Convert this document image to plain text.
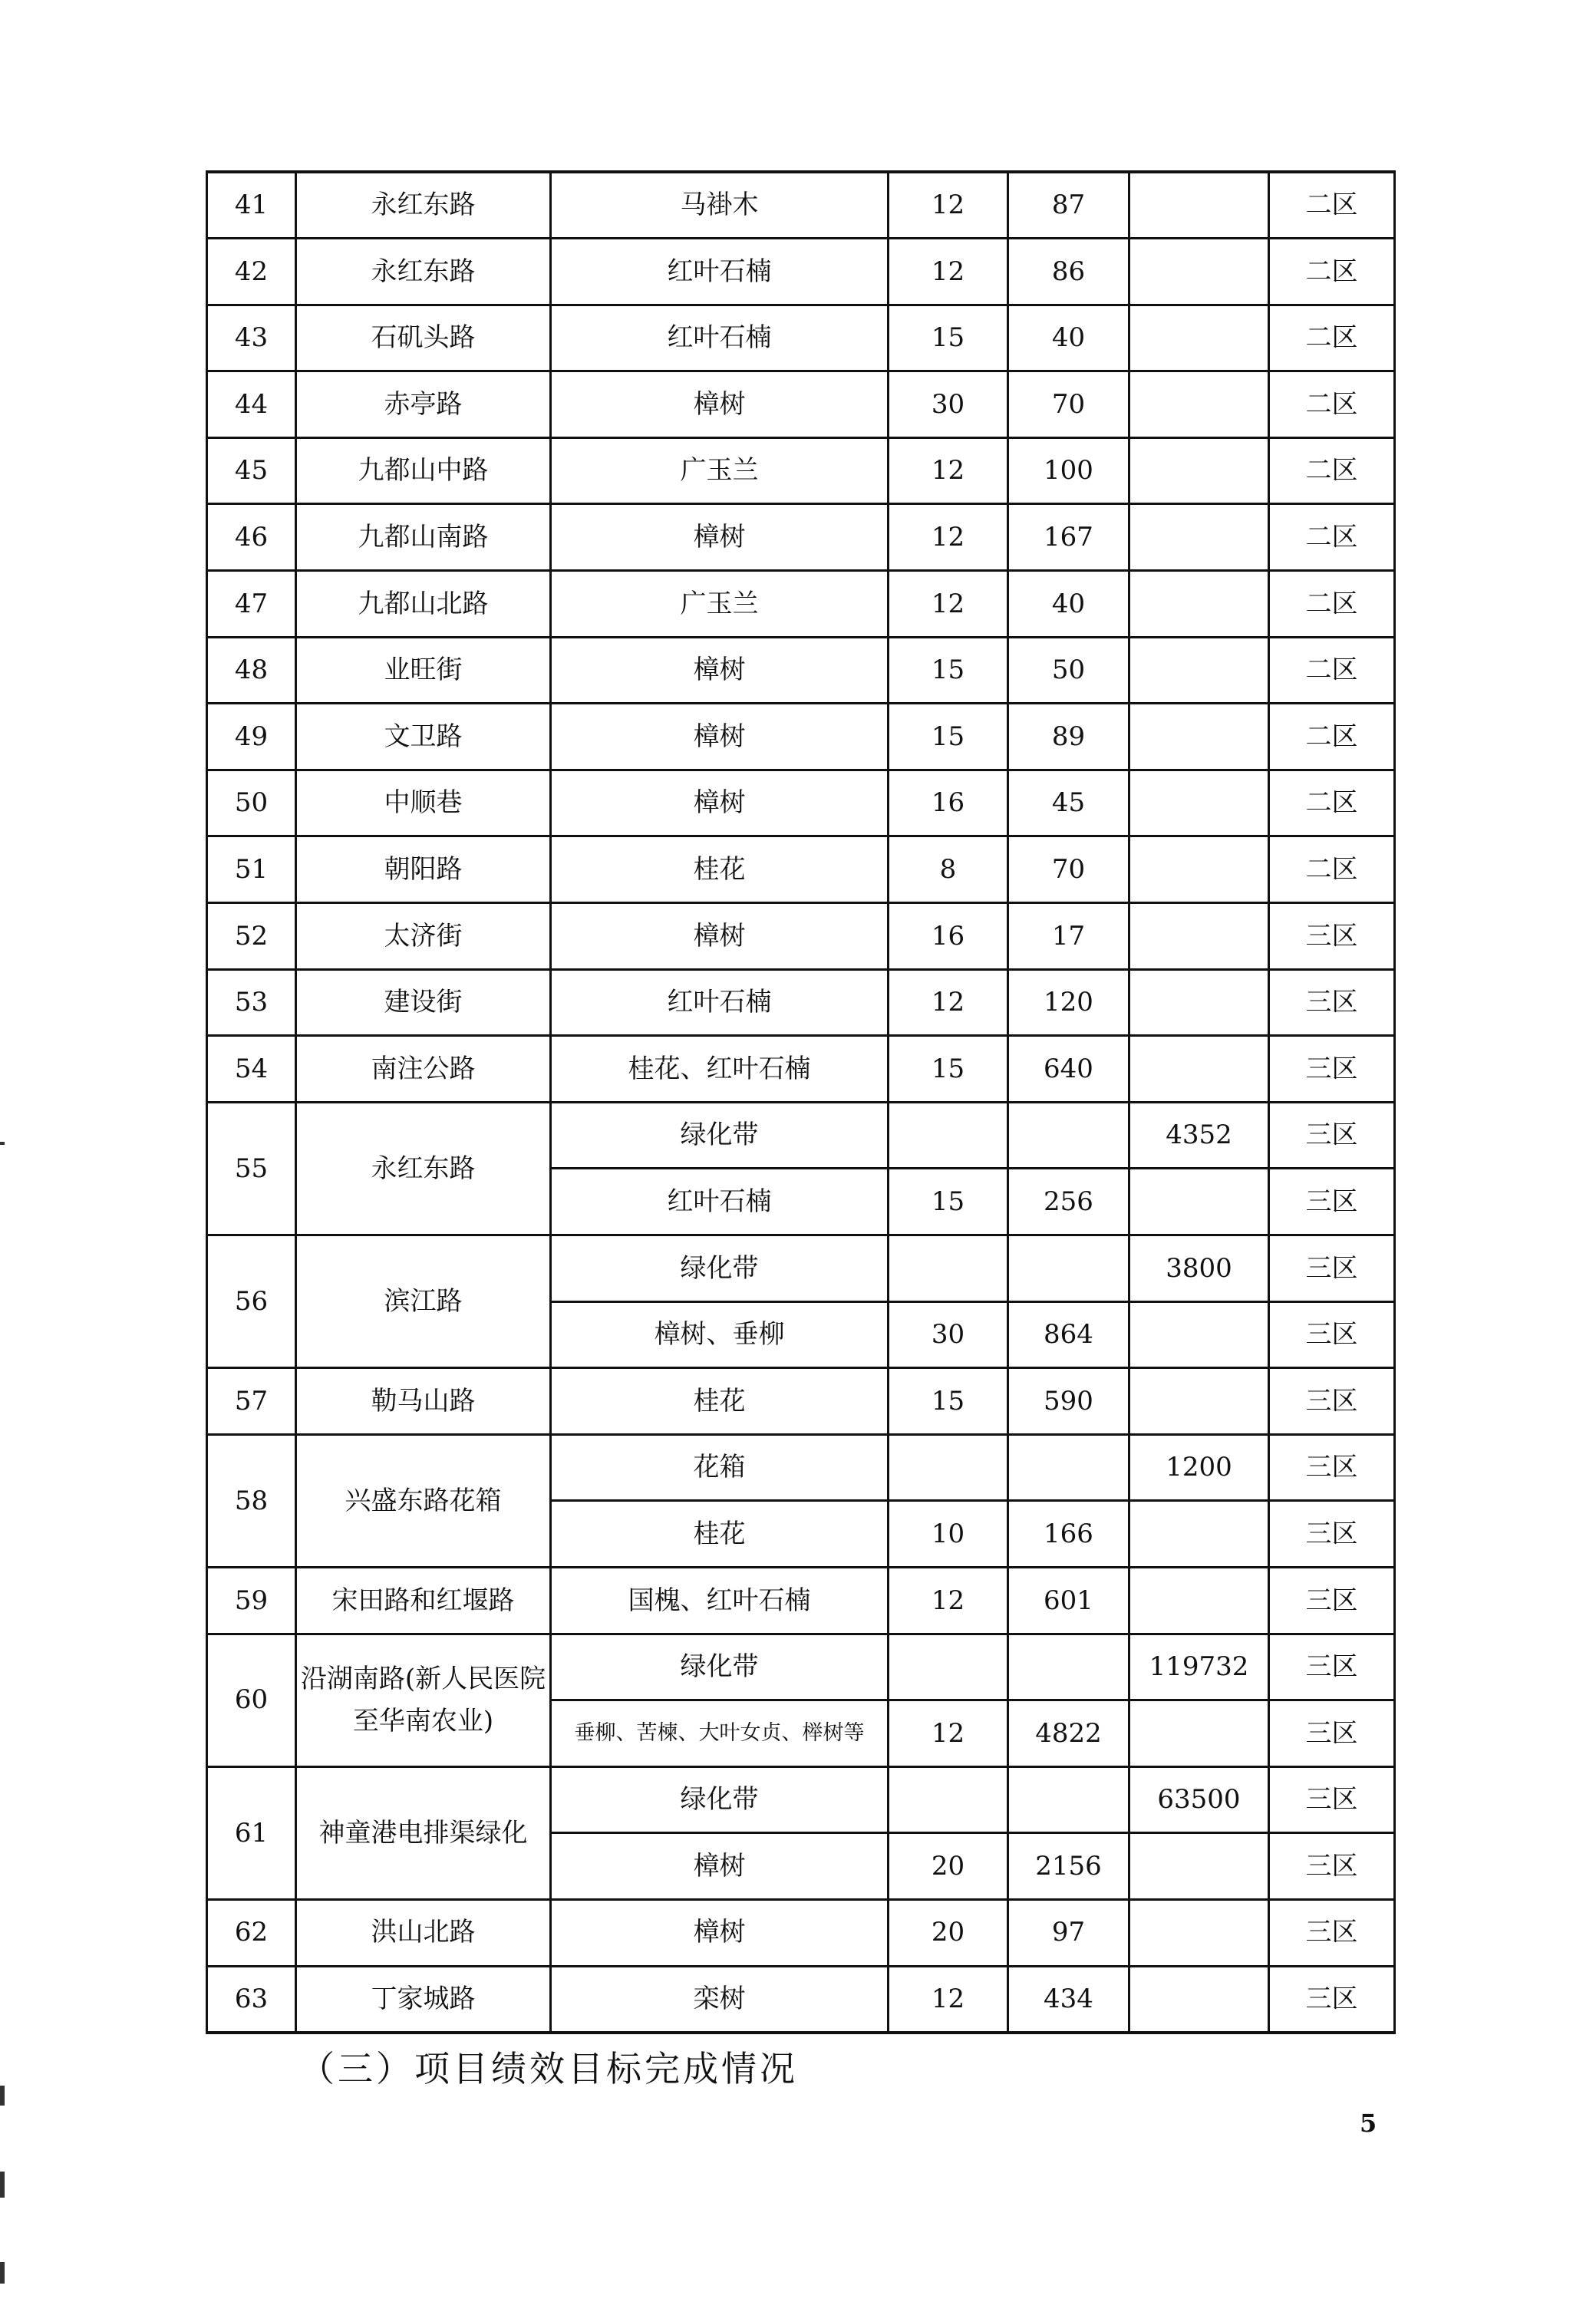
41	永红东路	马褂木	12	87		二区
42	永红东路	红叶石楠	12	86		二区
43	石矶头路	红叶石楠	15	40		二区
44	赤亭路	樟树	30	70		二区
45	九都山中路	广玉兰	12	100		二区
46	九都山南路	樟树	12	167		二区
47	九都山北路	广玉兰	12	40		二区
48	业旺街	樟树	15	50		二区
49	文卫路	樟树	15	89		二区
50	中顺巷	樟树	16	45		二区
51	朝阳路	桂花	8	70		二区
52	太济街	樟树	16	17		三区
53	建设街	红叶石楠	12	120		三区
54	南注公路	桂花、红叶石楠	15	640		三区
55	永红东路	绿化带			4352	三区
		红叶石楠	15	256		三区
56	滨江路	绿化带			3800	三区
		樟树、垂柳	30	864		三区
57	勒马山路	桂花	15	590		三区
58	兴盛东路花箱	花箱			1200	三区
		桂花	10	166		三区
59	宋田路和红堰路	国槐、红叶石楠	12	601		三区
60	沿湖南路(新人民医院至华南农业)	绿化带			119732	三区
		垂柳、苦楝、大叶女贞、榉树等	12	4822		三区
61	神童港电排渠绿化	绿化带			63500	三区
		樟树	20	2156		三区
62	洪山北路	樟树	20	97		三区
63	丁家城路	栾树	12	434		三区
（三）项目绩效目标完成情况
5
